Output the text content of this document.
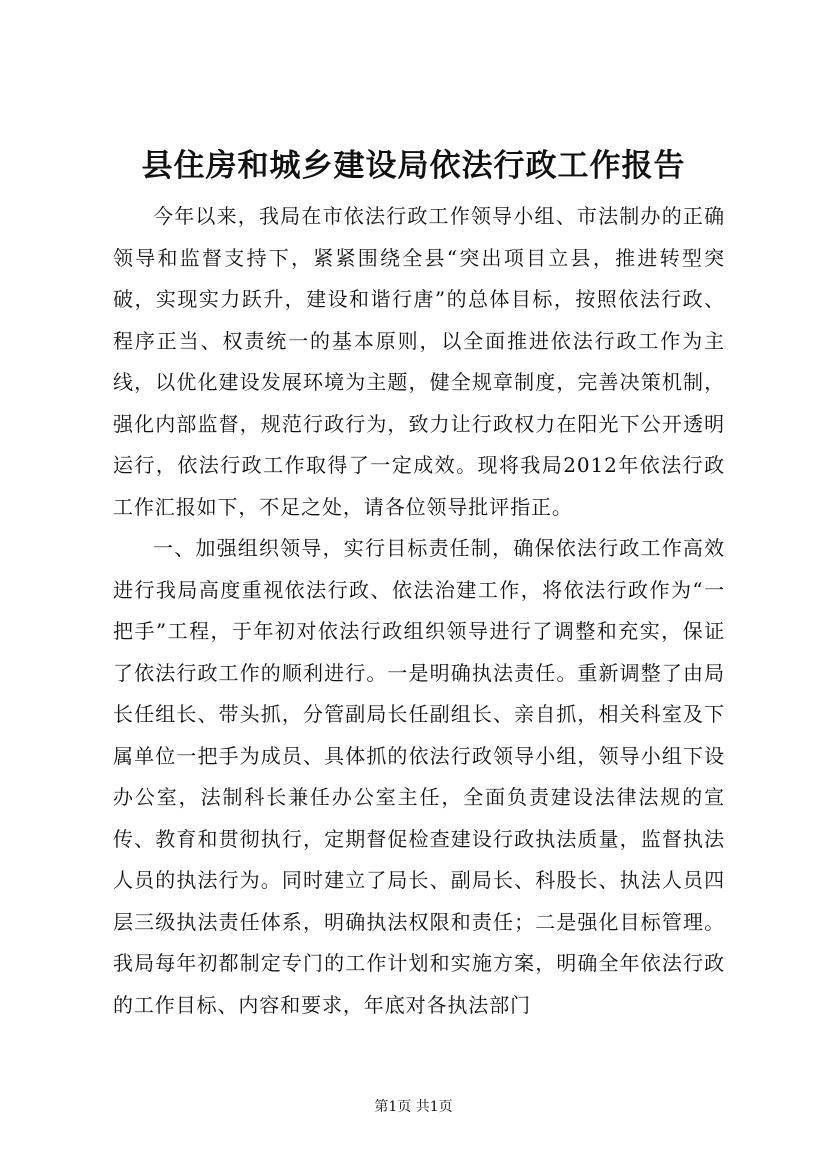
县住房和城乡建设局依法行政工作报告

今年以来，我局在市依法行政工作领导小组、市法制办的正确领导和监督支持下，紧紧围绕全县“突出项目立县，推进转型突破，实现实力跃升，建设和谐行唐”的总体目标，按照依法行政、程序正当、权责统一的基本原则，以全面推进依法行政工作为主线，以优化建设发展环境为主题，健全规章制度，完善决策机制，强化内部监督，规范行政行为，致力让行政权力在阳光下公开透明运行，依法行政工作取得了一定成效。现将我局2012年依法行政工作汇报如下，不足之处，请各位领导批评指正。

一、加强组织领导，实行目标责任制，确保依法行政工作高效进行我局高度重视依法行政、依法治建工作，将依法行政作为“一把手”工程，于年初对依法行政组织领导进行了调整和充实，保证了依法行政工作的顺利进行。一是明确执法责任。重新调整了由局长任组长、带头抓，分管副局长任副组长、亲自抓，相关科室及下属单位一把手为成员、具体抓的依法行政领导小组，领导小组下设办公室，法制科长兼任办公室主任，全面负责建设法律法规的宣传、教育和贯彻执行，定期督促检查建设行政执法质量，监督执法人员的执法行为。同时建立了局长、副局长、科股长、执法人员四层三级执法责任体系，明确执法权限和责任；二是强化目标管理。我局每年初都制定专门的工作计划和实施方案，明确全年依法行政的工作目标、内容和要求，年底对各执法部门

第1页 共1页
